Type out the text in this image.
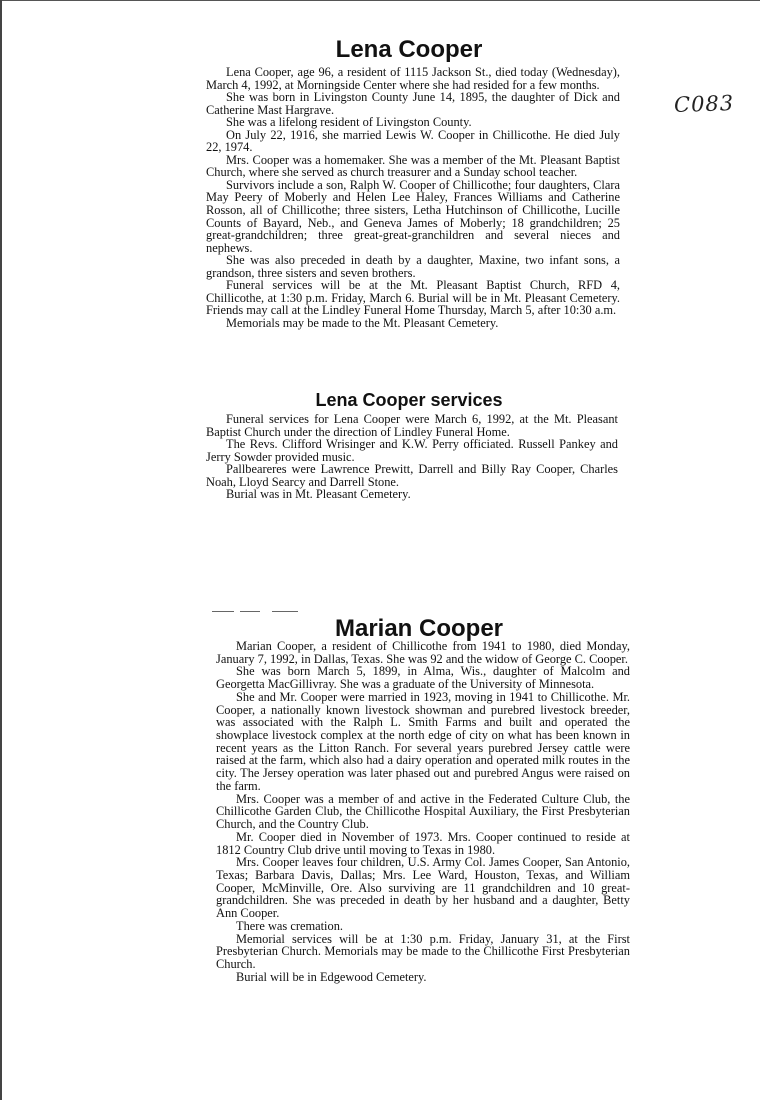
C083
Lena Cooper

Lena Cooper, age 96, a resident of 1115 Jackson St., died today (Wednesday), March 4, 1992, at Morningside Center where she had resided for a few months.

She was born in Livingston County June 14, 1895, the daughter of Dick and Catherine Mast Hargrave.

She was a lifelong resident of Livingston County.

On July 22, 1916, she married Lewis W. Cooper in Chillicothe. He died July 22, 1974.

Mrs. Cooper was a homemaker. She was a member of the Mt. Pleasant Baptist Church, where she served as church treasurer and a Sunday school teacher.

Survivors include a son, Ralph W. Cooper of Chillicothe; four daughters, Clara May Peery of Moberly and Helen Lee Haley, Frances Williams and Catherine Rosson, all of Chillicothe; three sisters, Letha Hutchinson of Chillicothe, Lucille Counts of Bayard, Neb., and Geneva James of Moberly; 18 grandchildren; 25 great-grandchildren; three great-great-granchildren and several nieces and nephews.

She was also preceded in death by a daughter, Maxine, two infant sons, a grandson, three sisters and seven brothers.

Funeral services will be at the Mt. Pleasant Baptist Church, RFD 4, Chillicothe, at 1:30 p.m. Friday, March 6. Burial will be in Mt. Pleasant Cemetery. Friends may call at the Lindley Funeral Home Thursday, March 5, after 10:30 a.m.

Memorials may be made to the Mt. Pleasant Cemetery.

Lena Cooper services

Funeral services for Lena Cooper were March 6, 1992, at the Mt. Pleasant Baptist Church under the direction of Lindley Funeral Home.

The Revs. Clifford Wrisinger and K.W. Perry officiated. Russell Pankey and Jerry Sowder provided music.

Pallbeareres were Lawrence Prewitt, Darrell and Billy Ray Cooper, Charles Noah, Lloyd Searcy and Darrell Stone.

Burial was in Mt. Pleasant Cemetery.

Marian Cooper

Marian Cooper, a resident of Chillicothe from 1941 to 1980, died Monday, January 7, 1992, in Dallas, Texas. She was 92 and the widow of George C. Cooper.

She was born March 5, 1899, in Alma, Wis., daughter of Malcolm and Georgetta MacGillivray. She was a graduate of the University of Minnesota.

She and Mr. Cooper were married in 1923, moving in 1941 to Chillicothe. Mr. Cooper, a nationally known livestock showman and purebred livestock breeder, was associated with the Ralph L. Smith Farms and built and operated the showplace livestock complex at the north edge of city on what has been known in recent years as the Litton Ranch. For several years purebred Jersey cattle were raised at the farm, which also had a dairy operation and operated milk routes in the city. The Jersey operation was later phased out and purebred Angus were raised on the farm.

Mrs. Cooper was a member of and active in the Federated Culture Club, the Chillicothe Garden Club, the Chillicothe Hospital Auxiliary, the First Presbyterian Church, and the Country Club.

Mr. Cooper died in November of 1973. Mrs. Cooper continued to reside at 1812 Country Club drive until moving to Texas in 1980.

Mrs. Cooper leaves four children, U.S. Army Col. James Cooper, San Antonio, Texas; Barbara Davis, Dallas; Mrs. Lee Ward, Houston, Texas, and William Cooper, McMinville, Ore. Also surviving are 11 grandchildren and 10 great-grandchildren. She was preceded in death by her husband and a daughter, Betty Ann Cooper.

There was cremation.

Memorial services will be at 1:30 p.m. Friday, January 31, at the First Presbyterian Church. Memorials may be made to the Chillicothe First Presbyterian Church.

Burial will be in Edgewood Cemetery.
